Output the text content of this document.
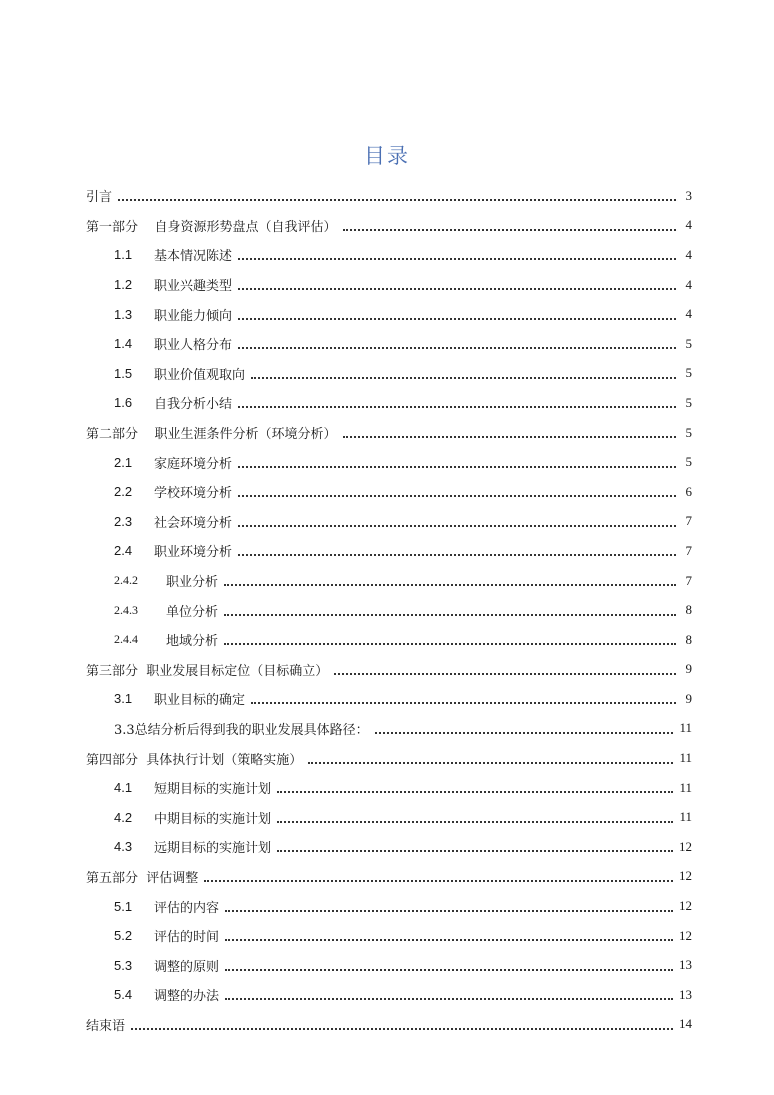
目录
引言	3
第一部分    自身资源形势盘点（自我评估）	4
1.1	基本情况陈述	4
1.2	职业兴趣类型	4
1.3	职业能力倾向	4
1.4	职业人格分布	5
1.5	职业价值观取向	5
1.6	自我分析小结	5
第二部分    职业生涯条件分析（环境分析）	5
2.1	家庭环境分析	5
2.2	学校环境分析	6
2.3	社会环境分析	7
2.4	职业环境分析	7
2.4.2	职业分析	7
2.4.3	单位分析	8
2.4.4	地域分析	8
第三部分  职业发展目标定位（目标确立）	9
3.1	职业目标的确定	9
3.3总结分析后得到我的职业发展具体路径：	11
第四部分  具体执行计划（策略实施）	11
4.1	短期目标的实施计划	11
4.2	中期目标的实施计划	11
4.3	远期目标的实施计划	12
第五部分  评估调整	12
5.1	评估的内容	12
5.2	评估的时间	12
5.3	调整的原则	13
5.4	调整的办法	13
结束语	14
